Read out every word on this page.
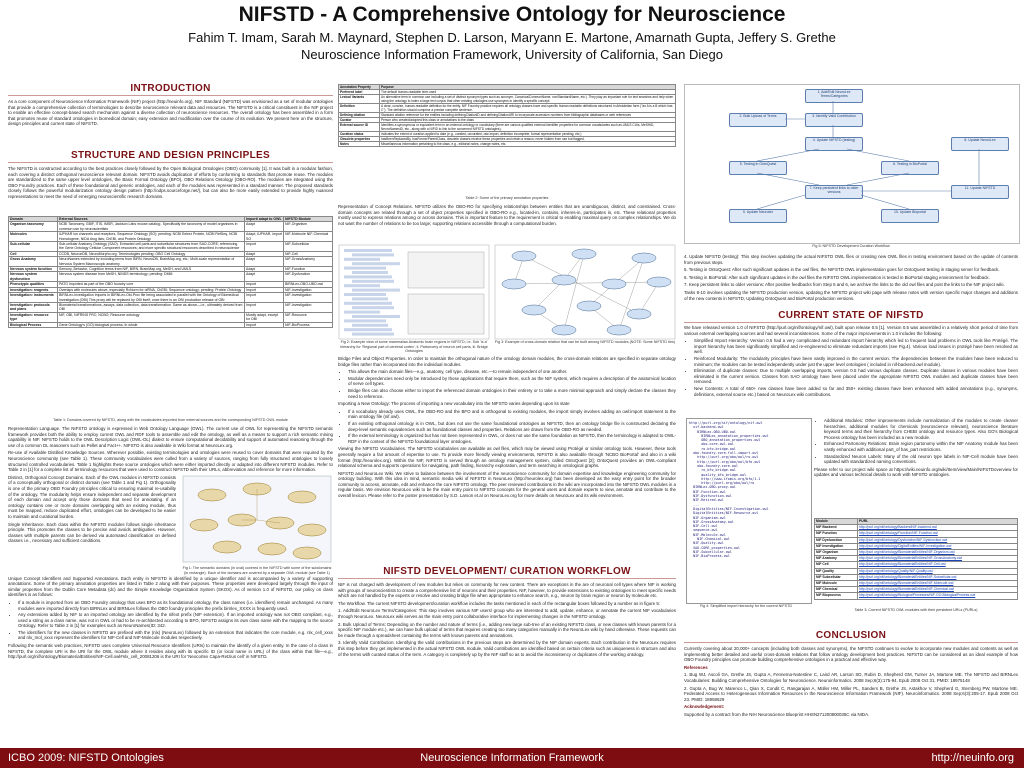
NIFSTD - A Comprehensive Ontology for Neuroscience
Fahim T. Imam, Sarah M. Maynard, Stephen D. Larson, Maryann E. Martone, Amarnath Gupta, Jeffery S. Grethe
Neuroscience Information Framework, University of California, San Diego
INTRODUCTION

As a core component of Neuroscience Information Framework (NIF) project (http://neuinfo.org), NIF Standard (NIFSTD) was envisioned as a set of modular ontologies that provide a comprehensive collection of terminologies to describe neuroscience relevant data and resources. The NIFSTD is a critical constituent in the NIF project to enable an effective concept-based search mechanism against a diverse collection of neuroscience resources. The overall ontology has been assembled in a form that promotes reuse of standard ontologies in biomedical domain; easy extension and modification over the course of its evolution. We present here on the structure, design principles and current state of NIFSTD.

STRUCTURE AND DESIGN PRINCIPLES

The NIFSTD is constructed according to the best practices closely followed by the Open Biological Ontologies (OBO) community [1]. It was built in a modular fashion, each covering a distinct orthogonal neuroscience relevant domain. NIFSTD avoids duplication of efforts by conforming to standards that promote reuse. The modules are standardized to the same upper level ontologies, the Basic Formal Ontology (BFO), OBO Relations Ontology (OBO-RO). The modules are integrated using the OBO Foundry practices. Each of these foundational and generic ontologies, and each of the modules was represented in a standard manner. The proposed standards closely follows the powerful modularization ontology design pattern (http://odps.sourceforge.net/), but can also be more easily extended to provide highly nuanced representations to meet the need of emerging neuroscientific research domains.

Domain	External Sources	Import/ adapt to OWL	NIFSTD Module
Organism taxonomy	NCBI Taxonomy, GBIF, ITIS, IMSR, Jackson Labs mouse catalog;. Specifically the taxonomy of model organisms in common use by neuroscientists	Adapt	NIF-Organism
Molecules	IUPHAR ion channels and receptors, Sequence Ontology (SO); pending: NCBI Entrez Protein, NCBI RefSeq, NCBI Homologene, NIDA drug lists; ChEBI, and Protein Ontology	Adapt; IUPHAR, import SO	NIF-Molecule NIF-Chemical
Sub-cellular	Sub-cellular Anatomy Ontology (SAO). Extracted cell parts and subcellular structures from SAO-CORE; referencing the Gene Ontology Cellular Component resources; and more specific structural resources described in neuroscience	Import	NIF-Subcellular
Cell	CCDB, NeuronDB, NeuroMorpho.org. Terminologies pending: OBO Cell Ontology	Adapt	NIF-Cell
Gross Anatomy	NeuroNames extended by including terms from BIRN, NeuroDB, BrainMap.org, etc.; Multi-scale representation of Nervous System Macroscopic anatomy	Adapt	NIF-GrossAnatomy
Nervous system function	Sensory, Behavior, Cognition terms from NIF, BIRN, BrainMap.org, MeSH, and UMLS	Adapt	NIF-Function
Nervous system dysfunction	Nervous system disease from MeSH, NINDS terminology; pending: DMM	Adapt	NIF-Dysfunction
Phenotypic qualities	PATO Imported as part of the OBO foundry core	Import	BIRNLex-OBO-UBO.owl
Investigation: reagents	Overlaps with molecules above, especially RxNorm for ofRNA, ChEBI; Sequence ontology; pending: Protein Ontology	Import	NIF-Investigation
Investigation: instruments	BIRNLex-Investigation imports in BIRNLex-Obi-Prov file being associated in parallel with the Ontology of Biomedical Investigation (OBI) This proxy will be replaced by OBI itself, once there is an OBI production release of OBI	Import	NIF-Investigation
Investigation: protocols and plans	Biomaterial transformations, assays, data collection, data transformation. Same as above—i.e., ultimately derived from OBI	Import	NIF-Investigation
Investigation: resource type	NIF, OBI, NIFRINS FRC; NCBO; Resource ontology	Mostly adapt, except for OBI	NIF-Resource
Biological Process	Gene Ontology's (GO) biological process; In whole	Import	NIF-BioProcess
Table 1: Domains covered by NIFSTD, along with the vocabularies imported from external sources and the corresponding NIFSTD OWL module

Representation Language. The NIFSTD ontology is expressed in Web Ontology Language (OWL). The current use of OWL for representing the NIFSTD semantic framework provides both the ability to employ current OWL and RDF tools to assemble and edit the ontology, as well as a means to support a rich semantic mining capability in NIF. NIFSTD holds to the OWL Description Logic (OWL-DL) dialect to ensure computational decidability and support of automated reasoning through the use of a common DL reasoners such as Pellet and Fact++. NIFSTD is also available in Wiki format at NeuroLex.org.

Re-use of Available Distilled Knowledge Sources. Wherever possible, existing terminologies and ontologies were reused to cover domains that were required by the Neuroscience community (see Table 1). These community vocabularies were culled from a variety of sources, ranging from fully structured ontologies to loosely structured controlled vocabularies. Table 1 highlights these source ontologies which were either imported directly or adapted into different NIFSTD modules. Refer to Table 2 in [1] for a complete list of terminology resources that were used to construct NIFSTD with their URLs, abbreviation and reference for more information.

Distinct, Orthogonal Concept Domains. Each of the OWL modules in NIFSTD consists of a conceptually orthogonal or distinct domain (see Table 1 and Fig 1). Orthogonality is one of the primary OBO Foundry principles critical to ensuring maximal re-usability of the ontology. The modularity helps ensure independent and separate development of each domain and accept only those domains that need for annotating. If an ontology contains one or more domains overlapping with an existing module, thus must be mapped, reduce duplicated effort, ontologies can be developed to be easier to maintain and curational burden.

Single Inheritance. Each class within the NIFSTD modules follows single inheritance principle. This promotes the classes to be precise and avoids ambiguities. However, classes with multiple parents can be derived via automated classification on defined classes i.e., necessary and sufficient conditions.

Fig 1: The semantic domains (in oval) covered in the NIFSTD with some of the subdomains (in rectangle). Each of the domains are covered by a separate OWL module (see Table 1)

Unique Concept Identifiers and Supported Annotations. Each entity in NIFSTD is identified by a unique identifier and is accompanied by a variety of supporting annotations. Some of the primary annotation properties are listed in Table 2 along with their purposes. These properties were developed largely through the input of similar properties from the Dublin Core Metadata (dc) and the Simple Knowledge Organization System (SKOS). As of version 1.0 of NIFSTD, our policy on class identifiers is as follows:

• If a module is imported from an OBO Foundry ontology that uses BFO as its foundational ontology, the class names (i.e. identifiers) remain unchanged. As many modules were imported directly from BIRNLex and BIRNLex follows the OBO foundry principles the prefix birnlex_XXXX is frequently used.
• Any extensions added by NIF to an imported ontology are identified by the nifext prefix (NIF extension). If an imported ontology was not OBO compliant, e.g., used a string as a class name, was not in OWL or had to be re-architected according to BFO, NIFSTD assigns its own class name with the mapping to the source Ontology. Refer to Table 2 in [1] for examples such as NeuroNames(ID: 342.
• The identifiers for the new classes in NIFSTD are prefixed with the (nlx) (NeuroLex) followed by an extension that indicates the core module, e.g. nlx_cell_xxxx and nlx_mol_xxxx represent the identifiers for NIF-Cell and NIF-Molecule modules respectively.

Following the semantic web practices, NIFSTD uses complete Universal Resource Identifiers (URIs) to maintain the identify of a given entity. In the case of a class in NIFSTD, the complete URI is the URI for the OWL module where it resides along with its specific ID (or local name in URL) of the class within that file—e.g., http://purl.org/nif/ontology/BiomaterialEntities/NIF-Cell.owl#nlx_cell_20081206 is the URI for 'Neocortex Capa-Retzius cell' in NIFSTD.

Annotation Property	Purpose
Preferred label	The default human-readable term used
Lexical Variants	An alternative term in common use including a set of distinct synonym types such as acronym, CanonicalCommonName, nonStandardName, etc.). They play an important role for text searches and help when using the ontology to index a large text corpus that other existing ontologies use synonyms in identify a specific concept.
Definition	A clear, concise, human-readable definition for the entity. NIF Foundry practice requires all ontology classes have and specific human readable definitions structured in Aristotelian form ("an A is a B which has C"). The definition should comprise a precise complete sentence.
Defining citation	Standard citation reference for the entities including definingCitationID and definingCitationURI to incorporate accession numbers from bibliographic databases or web references
Curator	Person who created/adopted this class or annotations to the class
External source ID	Identifies a synonymous or equivalent term in an external ontology or vocabulary (there are various qualified external identifier properties for common vocabularies such as UMLS CUIs, MeSHID, NeuroNamesID, etc., along with a NIFID to link to the concerned NIFSTD ontologies).
Curation status	Indicates the extent of curation applied to date (e.g., curated, uncurated, raw import, definition incomplete, formal representation pending, etc.)
Obsolete properties	hasBeenReplacedBy, hasFormerParentClass, obsolete classes receive these properties and retain a reason; never hidden from use but flagged.
Notes	Miscellaneous information pertaining to the class, e.g., editorial notes, change notes, etc.
Table 2: Some of the primary annotation properties

Representation of Concept Relations. NIFSTD utilizes the OBO-RO for specifying relationships between entities that are unambiguous, distinct, and constrained. Cross-domain concepts are related through a set of object properties specified in OBO-RO e.g., located-in, contains, inheres-in, participates in, etc. These relational properties mostly used to express relations among or across domains. This is important feature to the requirement is critical to enabling maximal query on complex relationships. We do not want the number of relations to be too large; supporting relations accessible through a computational burden.

Fig 2: Example view of some mammalian Anatomic brain regions in NIFSTD; i.e. Sub 'is a' hierarchy for 'Regional part of cerebral cortex', ii. Partonomy of neuron cell parts, iii. Bridge Ontologies
Fig 3: Example of cross-domain relation that can be built among NIFSTD modules (NOTE: Some NIFSTD ties)

Bridge Files and Object Properties. In order to maintain the orthogonal nature of the ontology domain modules, the cross-domain relations are specified in separate ontology bridge files rather than incorporated into the individual modules.

• This allows the main domain files—e.g., anatomy, cell type, disease, etc.—to remain independent of one another.
• Modular dependencies need only be introduced by those applications that require them, such as the NIF system, which requires a description of the anatomical location of nerve cell types.
• Bridge files can also choose either to import the referenced domain ontologies in their entirety or to take a more minimal approach and simply declare the classes they need to reference.

Importing a New Ontology: The process of importing a new vocabulary into the NIFSTD varies depending upon its state

• If a vocabulary already uses OWL, the OBO-RO and the BFO and is orthogonal to existing modules, the import simply involves adding an owl:import statement to the main ontology file (nif.owl).
• If an existing orthogonal ontology is in OWL, but does not use the same foundational ontologies as NIFSTD, then an ontology bridge file is constructed declaring the deep-level semantic equivalencies such as foundational classes and properties. Relations are drawn from the OBO-RO as needed.
• If the external terminology is organized but has not been represented in OWL, or does not use the same foundation as NIFSTD, then the terminology is adapted to OWL-RDF in the context of the NIFSTD foundational layer ontologies.

Viewing the NIFSTD Vocabularies. The NIFSTD vocabularies are available as owl files, which may be viewed using Protégé or similar ontology tools. However, these tools generally require a fair amount of expertise to use. To provide more friendly viewing environments, NIFSTD is also available through 'NCBO BioPortal' and also in a wiki format (http://neurolex.org). Within the NIF, NIFSTD is served through an ontology management system, called OntoQuest [2]; OntoQuest provides an OWL-compliant relational schema and supports operations for navigating, path finding, hierarchy exploration, and term searching in ontological graphs.

NIFSTD and NeuroLex Wiki. We strive to balance between the involvement of the neuroscience community for domain expertise and knowledge engineering community for ontology building. With this idea in mind, semantic media wiki of NIFSTD in NeuroLex (http://neurolex.org) has been developed as the easy entry point for the broader community to access, annotate, edit and enhance the core NIFSTD ontology. The peer reviewed contributions in the wiki are incorporated into the NIFSTD OWL modules in a regular basis. We envision NeuroLex wiki to be the main entry point to NIFSTD concepts for the general users and domain experts to view, annotate and contribute to the overall lexicon. Please refer to the poster presentation by S.D. Larson et.al on NeuroLex.org for more details on NeuroLex and its wiki environment.

NIFSTD DEVELOPMENT/ CURATION WORKFLOW

NIF is not charged with development of new modules but relies on community for new content. There are exceptions in the are of neuronal cell types where NIF is working with groups of neuroscientists to create a comprehensive list of neurons and their properties. NIF, however, to provide extensions to existing ontologies to meet specific needs which are not handled by the experts or resolve and creating bridge file when appropriate to enhance search, e.g., neuron by brain region or neuron by molecule etc.

The Workflow. The current NIFSTD development/curation workflow includes the tasks mentioned in each of the rectangular boxes followed by a number as in figure 5:

1. Add/Edit NeuroLex Terms/Categories: This step involves various NIF users/ group who are interested to add, update, enhance, or annotate the current NIF vocabularies through NeuroLex. NeuroLex wiki serves as the main entry point collaborative interface for implementing changes in the NIFSTD ontology.

2. Bulk Upload of Terms: Depending on the number and nature of terms (i.e., adding new large sub-tree of an existing NIFSTD class, or new classes with known parents for a specific NIF module etc.), we can have bulk upload of terms that requires creating too many categories manually in the NeuroLex wiki by hand otherwise. These requests can be made through a spreadsheet containing the terms with known parents and annotations.

3. Identify Valid Contribution: Identifying the valid contributions in the previous steps are determined by the NIF domain experts. Each contribution in the NeuroLex requires this step before they get implemented in the actual NIFSTD OWL module. Valid contributions are identified based on certain criteria such as uniqueness in structure and also of the terms with curated status of the term. A category is completely up by the NIF staff so as to avoid the inconsistency or duplicates of the working ontology.

1. Add/Edit NeuroLex Terms/Categories
2. Bulk Upload of Terms	3. Identify Valid Contribution
4. Update NIFSTD (testing)
5. Testing in OntoQuest	6. Testing in BioPortal
7. Keep persistent links to older versions
8. Update NeuroLex
9. Update Neurolex	10. Update Bioportal
11. Update NIFSTD
Fig 5: NIFSTD Development Curation Workflow

4. Update NIFSTD (testing): This step involves updating the actual NIFSTD OWL files or creating new OWL files in testing environment based on the update of contents from previous steps.

5. Testing in OntoQuest: After such significant updates in the owl files, the NIFSTD OWL implementation goes for OntoQuest testing in staging server for feedback.

6. Testing in BioPortal: After such significant updates in the owl files the NIFSTD OWL implementation is tested in BioPortal staging environment for feedback.

7. Keep persistent links to older versions: After positive feedbacks from Step 5 and 6, we archive the links to the old owl files and post the links to the NIF project wiki.

Tasks 8-10 involves updating the NIFSTD production version, updating the NIFSTD project wiki page with release notes with version specific major changes and additions of the new contents in NIFSTD, Updating OntoQuest and BioPortal production versions.

CURRENT STATE OF NIFSTD

We have released version 1.0 of NIFSTD (http://purl.org/nif/ontology/nif.owl), built upon release 0.5 [1]. Version 0.5 was assembled in a relatively short period of time from various external overlapping sources and had several inconsistencies. Some of the major improvements in 1.0 includes the following:

• Simplified Import Hierarchy: Version 0.5 had a very complicated and redundant import hierarchy which led to frequent load problems in OWL tools like Protégé. The import hierarchy has been significantly simplified and re-engineered to eliminate redundant imports (see Fig.4). Various load issues in protégé have been resolved as well.
• Reinforced Modularity: The modularity principles have been vastly improved in the current version. The dependencies between the modules have been reduced to minimum; the modules can be tested independently under just the upper level ontologies ( included in nif-backend.owl module).
• Elimination of duplicate classes: Due to multiple overlapping imports, version 0.5 had various duplicate classes. Duplicate classes in various modules have been eliminated in the current version. Classes from SAO ontology have been placed under the appropriate NIFSTD OWL modules and duplicate classes have been removed.
• New Contents: A total of 650+ new classes have been added so far and 350+ existing classes have been enhanced with added annotations (e.g., synonyms, definitions, external source etc.) based on NeuroLex wiki contributions.
http://purl.org/nif/ontology/nif.owl
nif-backend.owl
BIRNLex-OBO-UBO.owl
BIRNLex_annotation_properties.owl
OBO_annotation_properties.owl
obo-core-owl.owl
ro-bfo-bridge.owl
obo-foundry-core-full-import.owl
http://purl.org/obo/owl/ro.owl
http://purl.org/obo/owl/bfo.owl
obo-foundry-core.owl
ro_bfo_bridge.owl
quality_bfo_bridge.owl
http://www.ifomis.org/bfo/1.1
http://purl.org/obo/owl/ro
BIRNLex-OBO-proxy.owl
NIF-Function.owl
NIF-Dysfunction.owl
NIF-Retired.owl
...
DigitalEntities/NIF-Investigation.owl
DigitalEntities/NIF-Resource.owl
NIF-Organism.owl
NIF-GrossAnatomy.owl
NIF-Cell.owl
sequence.owl
NIF-Molecule.owl
NIF-Chemical.owl
NIF-Quality.owl
SAO-CORE_properties.owl
NIF-Subcellular.owl
NIF-BioProcess.owl
Fig 4: Simplified import hierarchy for the current NIFSTD
• Additional Modules: Other improvements include normalization of the modules to create cleaner hierarchies, additional modules for chemicals (neuroscience relevant), neuroscience literature keyword terms and their hierarchy from CHEBI ontology and resource types. Also GO's Biological Process ontology has been included as a new module.
• Enhanced Partonomy Relations: Brain region partonomy within the NIF Anatomy module has been vastly enhanced with additional part_of has_part restrictions.
• Standardized Neuron Labels: Many of the old neuron type labels in NIF-Cell module have been updated with standardized naming conventions.

Please refer to our project wiki space at https://wiki.neuinfo.org/wiki/Item/view/Main/NIFSTDoverview for updates and various technical details to work with NIFSTD ontologies.

Module	PURL
NIF Backend	http://purl.org/nif/ontology/BackendNIF-backend.owl
NIF Function	http://purl.org/nif/ontology/Function/NIF-Function.owl
NIF Dysfunction	http://purl.org/nif/ontology/Dysfunction/NIF-Dysfunction.owl
NIF Investigation	http://purl.org/nif/ontology/DigitalEntities/NIF-Investigation.owl
NIF Organism	http://purl.org/nif/ontology/BiomaterialEntities/NIF-Organism.owl
NIF Anatomy	http://purl.org/nif/ontology/BiomaterialEntities/NIF-GrossAnatomy.owl
NIF Cell	http://purl.org/nif/ontology/BiomaterialEntities/NIF-Cell.owl
NIF Quality	http://purl.org/nif/ontology/Quality/NIF-Quality.owl
NIF Subcellular	http://purl.org/nif/ontology/BiomaterialEntities/NIF-Subcellular.owl
NIF Molecule	http://purl.org/nif/ontology/BiomaterialEntities/NIF-Molecule.owl
NIF Chemical	http://purl.org/nif/ontology/BiomaterialEntities/NIF-Chemical.owl
NIF Bioprocess	http://purl.org/nif/ontology/BiologicalProcesses/NIF-GO-BiologicalProcess.owl
Table 3: Current NIFSTD OWL modules with their persistent URLs (PURLs)
CONCLUSION

Currently covering about 20,000+ concepts (including both classes and synonyms), the NIFSTD continues to evolve to incorporate new modules and contents as well as implementing better detailed and useful cross-domain relations that follow ontology development best practices. NIFSTD can be considered as an ideal example of how OBO Foundry principles can promote building comprehensive ontologies in a practical and effective way.

References

1. Bug WJ, Ascoli GA, Grethe JS, Gupta A, Fennema-Notestine C, Laird AR, Larson SD, Rubin D, Shepherd GM, Turner JA, Martone ME. The NIFSTD and BIRNLex Vocabularies: Building Comprehensive Ontologies for Neuroscience. Neuroinformatics. 2008 Sep;6(3):175-94. Epub 2008 Oct 31. PMID: 18975148

2. Gupta A, Bug W, Marenco L, Qian X, Condit C, Rangarajan A, Müller HM, Miller PL, Sanders B, Grethe JS, Astakhov V, Shepherd G, Sternberg PW, Martone ME. Federated Access to Heterogeneous Information Resources in the Neuroscience Information Framework (NIF). Neuroinformatics. 2008 Sep;6(3):205-17. Epub 2008 Oct 23. PMID: 18958629

Acknowledgement:

Supported by a contract from the NIH Neuroscience Blueprint HHSN271200800035C via NIDA.

ICBO 2009: NIFSTD Ontologies	Neuroscience Information Framework	http://neuinfo.org
